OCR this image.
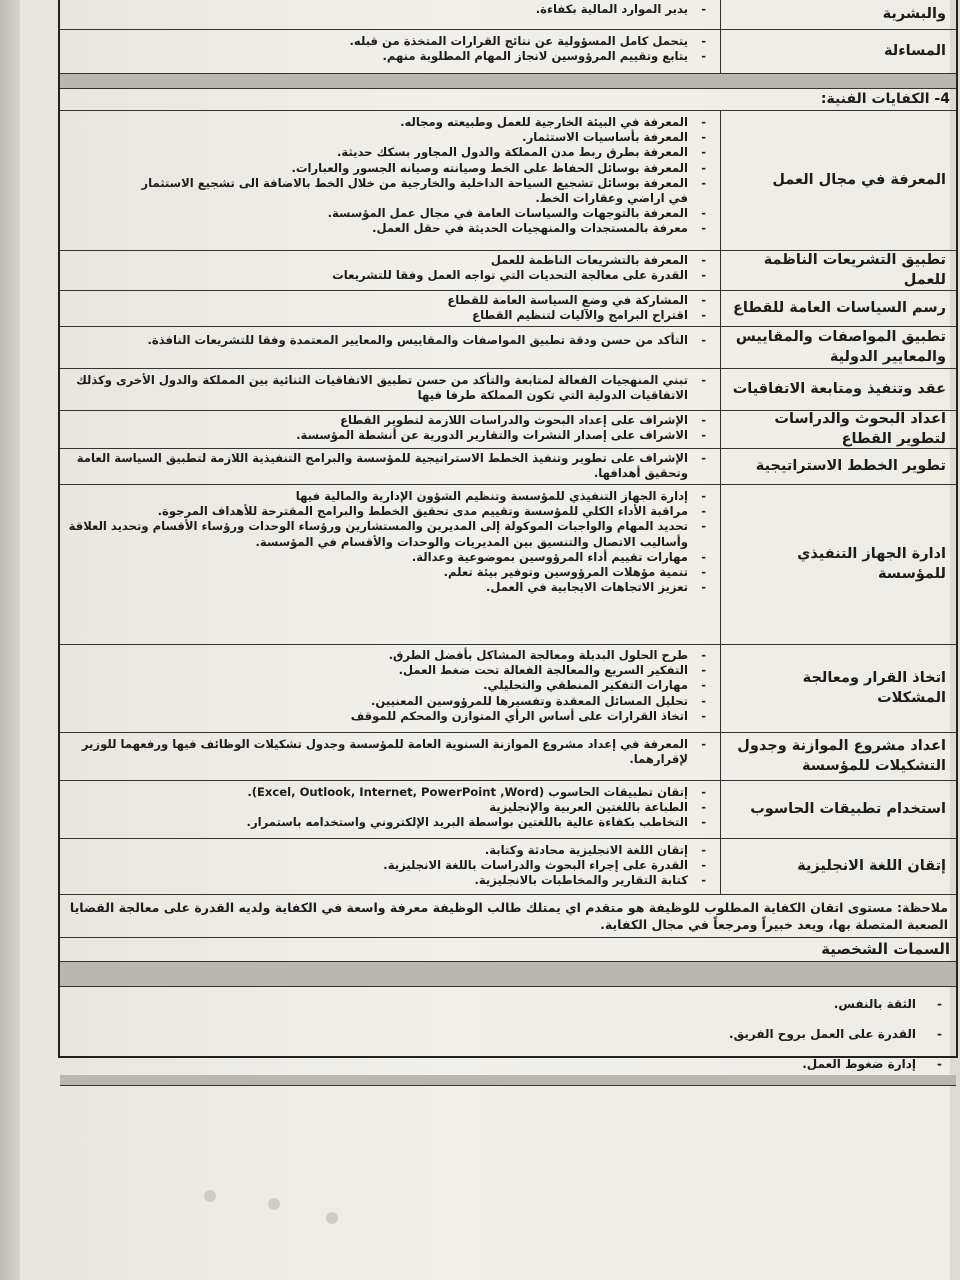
والبشرية
- يدير الموارد المالية بكفاءة.
المساءلة
- يتحمل كامل المسؤولية عن نتائج القرارات المتخذة من قبله.
- يتابع وتقييم المرؤوسين لانجاز المهام المطلوبة منهم.
4- الكفايات الفنية:
المعرفة في مجال العمل
- المعرفة في البيئة الخارجية للعمل وطبيعته ومجاله.
- المعرفة بأساسيات الاستثمار.
- المعرفة بطرق ربط مدن المملكة والدول المجاور بسكك حديثة.
- المعرفة بوسائل الحفاظ على الخط وصيانته وصيانه الجسور والعبارات.
- المعرفة بوسائل تشجيع السياحة الداخلية والخارجية من خلال الخط بالاضافة الى تشجيع الاستثمار
في اراضي وعقارات الخط.
- المعرفة بالتوجهات والسياسات العامة في مجال عمل المؤسسة.
- معرفة بالمستجدات والمنهجيات الحديثة في حقل العمل.
تطبيق التشريعات الناظمة للعمل
- المعرفة بالتشريعات الناظمة للعمل
- القدرة على معالجة التحديات التي تواجه العمل وفقا للتشريعات
رسم السياسات العامة للقطاع
- المشاركة في وضع السياسة العامة للقطاع
- اقتراح البرامج والآليات لتنظيم القطاع
تطبيق المواصفات والمقاييس والمعايير الدولية
- التأكد من حسن ودقة تطبيق المواصفات والمقاييس والمعايير المعتمدة وفقا للتشريعات النافذة.
عقد وتنفيذ ومتابعة الاتفاقيات
- تبني المنهجيات الفعالة لمتابعة والتأكد من حسن تطبيق الاتفاقيات الثنائية بين المملكة والدول الأخرى وكذلك الاتفاقيات الدولية التي تكون المملكة طرفا فيها
اعداد البحوث والدراسات لتطوير القطاع
- الإشراف على إعداد البحوث والدراسات اللازمة لتطوير القطاع
- الاشراف على إصدار النشرات والتقارير الدورية عن أنشطة المؤسسة.
تطوير الخطط الاستراتيجية
- الإشراف على تطوير وتنفيذ الخطط الاستراتيجية للمؤسسة والبرامج التنفيذية اللازمة لتطبيق السياسة العامة وتحقيق أهدافها.
ادارة الجهاز التنفيذي للمؤسسة
- إدارة الجهاز التنفيذي للمؤسسة وتنظيم الشؤون الإدارية والمالية فيها
- مراقبة الأداء الكلي للمؤسسة وتقييم مدى تحقيق الخطط والبرامج المقترحة للأهداف المرجوة.
- تحديد المهام والواجبات الموكولة إلى المديرين والمستشارين ورؤساء الوحدات ورؤساء الأقسام وتحديد العلاقة وأساليب الاتصال والتنسيق بين المديريات والوحدات والأقسام في المؤسسة.
- مهارات تقييم أداء المرؤوسين بموضوعية وعدالة.
- تنمية مؤهلات المرؤوسين وتوفير بيئة تعلم.
- تعزيز الاتجاهات الايجابية في العمل.
اتخاذ القرار ومعالجة المشكلات
- طرح الحلول البديلة ومعالجة المشاكل بأفضل الطرق.
- التفكير السريع والمعالجة الفعالة تحت ضغط العمل.
- مهارات التفكير المنطقي والتحليلي.
- تحليل المسائل المعقدة وتفسيرها للمرؤوسين المعنيين.
- اتخاذ القرارات على أساس الرأي المتوازن والمحكم للموقف
اعداد مشروع الموازنة وجدول التشكيلات للمؤسسة
- المعرفة في إعداد مشروع الموازنة السنوية العامة للمؤسسة وجدول تشكيلات الوظائف فيها ورفعهما للوزير لإقرارهما.
استخدام تطبيقات الحاسوب
- إتقان تطبيقات الحاسوب (Excel, Outlook, Internet, PowerPoint ,Word).
- الطباعة باللغتين العربية والإنجليزية
- التخاطب بكفاءة عالية باللغتين بواسطة البريد الإلكتروني واستخدامه باستمرار.
إتقان اللغة الانجليزية
- إتقان اللغة الانجليزية محادثة وكتابة.
- القدرة على إجراء البحوث والدراسات باللغة الانجليزية.
- كتابة التقارير والمخاطبات بالانجليزية.
ملاحظة: مستوى اتقان الكفاية المطلوب للوظيفة هو متقدم اي يمتلك طالب الوظيفة معرفة واسعة في الكفاية ولديه القدرة على معالجة القضايا الصعبة المتصلة بها، ويعد خبيراً ومرجعاً في مجال الكفاية.
السمات الشخصية
- الثقة بالنفس.
- القدرة على العمل بروح الفريق.
- إدارة ضغوط العمل.
